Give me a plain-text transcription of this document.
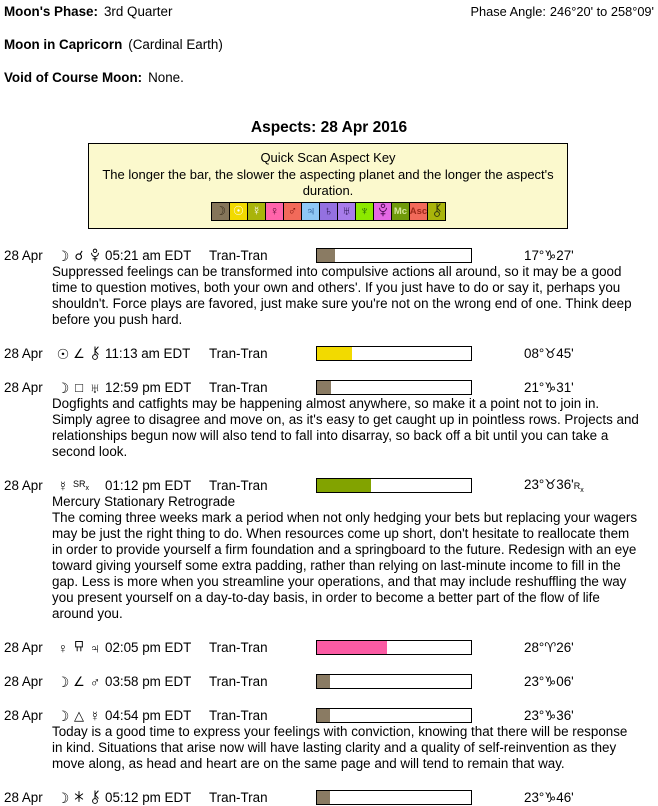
Moon's Phase: 3rd Quarter	Phase Angle: 246°20' to 258°09'
Moon in Capricorn (Cardinal Earth)
Void of Course Moon: None.
Aspects: 28 Apr 2016
Quick Scan Aspect Key
The longer the bar, the slower the aspecting planet and the longer the aspect's duration.
☽ ☉ ☿ ♀ ♂ ♃ ♄ ♅ ♆	Mc Asc
28 Apr	☽ ☌ 05:21 am EDT	Tran-Tran	17°♑27'

Suppressed feelings can be transformed into compulsive actions all around, so it may be a good time to question motives, both your own and others'. If you just have to do or say it, perhaps you shouldn't. Force plays are favored, just make sure you're not on the wrong end of one. Think deep before you push hard.

28 Apr	☉ ∠ 11:13 am EDT	Tran-Tran	08°♉45'
28 Apr	☽ □ ♅ 12:59 pm EDT	Tran-Tran	21°♑31'

Dogfights and catfights may be happening almost anywhere, so make it a point not to join in. Simply agree to disagree and move on, as it's easy to get caught up in pointless rows. Projects and relationships begun now will also tend to fall into disarray, so back off a bit until you can take a second look.

28 Apr	☿ $SR_x$ 01:12 pm EDT	Tran-Tran	$23^\circ♉36'R_x$
Mercury Stationary Retrograde

The coming three weeks mark a period when not only hedging your bets but replacing your wagers may be just the right thing to do. When resources come up short, don't hesitate to reallocate them in order to provide yourself a firm foundation and a springboard to the future. Redesign with an eye toward giving yourself some extra padding, rather than relying on last-minute income to fill in the gap. Less is more when you streamline your operations, and that may include reshuffling the way you present yourself on a day-to-day basis, in order to become a better part of the flow of life around you.

28 Apr	♀ ♃ 02:05 pm EDT	Tran-Tran	28°♈26'
28 Apr	☽ ∠ ♂ 03:58 pm EDT	Tran-Tran	23°♑06'
28 Apr	☽ △ ☿ 04:54 pm EDT	Tran-Tran	23°♑36'

Today is a good time to express your feelings with conviction, knowing that there will be response in kind. Situations that arise now will have lasting clarity and a quality of self-reinvention as they move along, as head and heart are on the same page and will tend to remain that way.

28 Apr	☽	05:12 pm EDT	Tran-Tran	23°♑46'
